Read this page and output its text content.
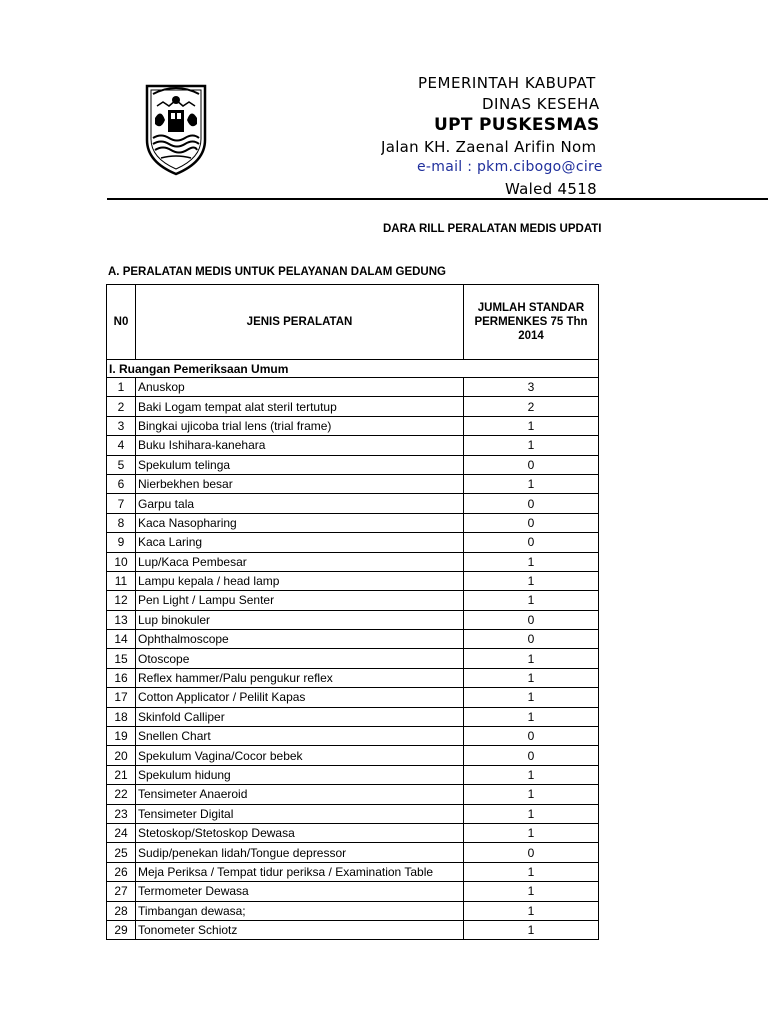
PEMERINTAH KABUPAT
DINAS KESEHA
UPT PUSKESMAS
Jalan KH. Zaenal Arifin Nom
e-mail : pkm.cibogo@cire
Waled 4518
DARA RILL PERALATAN MEDIS UPDATI
A. PERALATAN MEDIS UNTUK PELAYANAN DALAM GEDUNG
N0	JENIS PERALATAN	JUMLAH STANDAR PERMENKES 75 Thn 2014
I. Ruangan Pemeriksaan Umum		
1	Anuskop	3
2	Baki Logam tempat alat steril tertutup	2
3	Bingkai ujicoba trial lens (trial frame)	1
4	Buku Ishihara-kanehara	1
5	Spekulum telinga	0
6	Nierbekhen besar	1
7	Garpu tala	0
8	Kaca Nasopharing	0
9	Kaca Laring	0
10	Lup/Kaca Pembesar	1
11	Lampu kepala / head lamp	1
12	Pen Light / Lampu Senter	1
13	Lup binokuler	0
14	Ophthalmoscope	0
15	Otoscope	1
16	Reflex hammer/Palu pengukur reflex	1
17	Cotton Applicator / Pelilit Kapas	1
18	Skinfold Calliper	1
19	Snellen Chart	0
20	Spekulum Vagina/Cocor bebek	0
21	Spekulum hidung	1
22	Tensimeter Anaeroid	1
23	Tensimeter Digital	1
24	Stetoskop/Stetoskop Dewasa	1
25	Sudip/penekan lidah/Tongue depressor	0
26	Meja Periksa / Tempat tidur periksa / Examination Table	1
27	Termometer Dewasa	1
28	Timbangan dewasa;	1
29	Tonometer Schiotz	1
